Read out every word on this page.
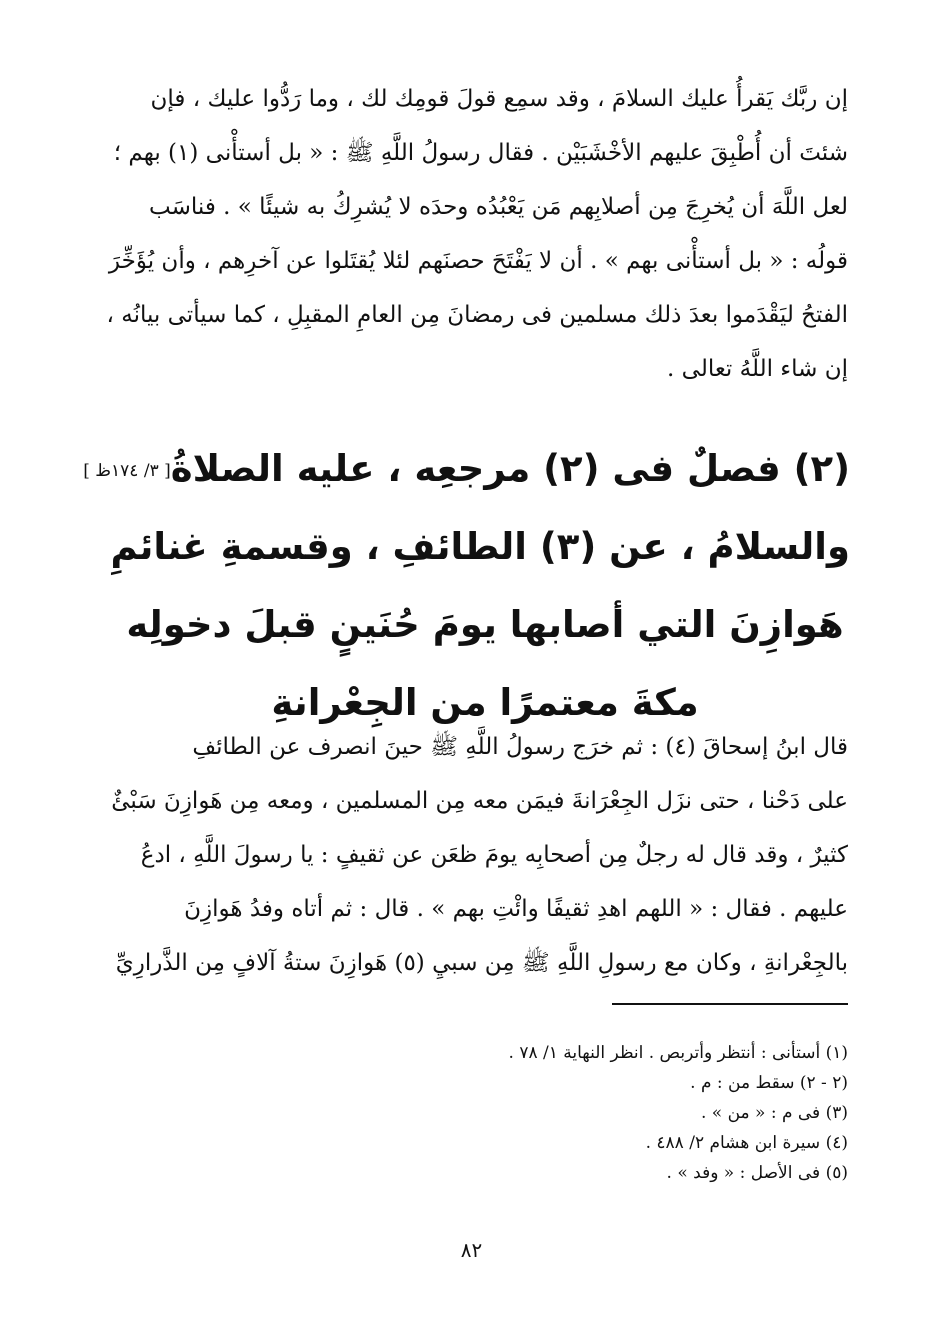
إن ربَّك يَقرأُ عليك السلامَ ، وقد سمِع قولَ قومِك لك ، وما رَدُّوا عليك ، فإن
شئتَ أن أُطْبِقَ عليهم الأخْشَبَيْن . فقال رسولُ اللَّهِ ﷺ : « بل أستأْنى (١) بهم ؛
لعل اللَّهَ أن يُخرِجَ مِن أصلابِهم مَن يَعْبُدُه وحدَه لا يُشرِكُ به شيئًا » . فناسَب
قولُه : « بل أستأْنى بهم » . أن لا يَفْتَحَ حصنَهم لئلا يُقتَلوا عن آخرِهم ، وأن يُؤَخِّرَ
الفتحُ ليَقْدَموا بعدَ ذلك مسلمين فى رمضانَ مِن العامِ المقبِلِ ، كما سيأتى بيانُه ،
إن شاء اللَّهُ تعالى .
(٢) فصلٌ فى (٢) مرجعِه ، عليه الصلاةُ[ ٣/ ١٧٤ظ ]
والسلامُ ، عن (٣) الطائفِ ، وقسمةِ غنائمِ
هَوازِنَ التي أصابها يومَ حُنَينٍ قبلَ دخولِه
مكةَ معتمرًا من الجِعْرانةِ
قال ابنُ إسحاقَ (٤) : ثم خرَج رسولُ اللَّهِ ﷺ حينَ انصرف عن الطائفِ
على دَحْنا ، حتى نزَل الجِعْرَانةَ فيمَن معه مِن المسلمين ، ومعه مِن هَوازِنَ سَبْئٌ
كثيرٌ ، وقد قال له رجلٌ مِن أصحابِه يومَ ظعَن عن ثقيفٍ : يا رسولَ اللَّهِ ، ادعُ
عليهم . فقال : « اللهم اهدِ ثقيفًا وائْتِ بهم » . قال : ثم أتاه وفدُ هَوازِنَ
بالجِعْرانةِ ، وكان مع رسولِ اللَّهِ ﷺ مِن سبيِ (٥) هَوازِنَ ستةُ آلافٍ مِن الذَّرارِيِّ
(١) أستأنى : أنتظر وأتربص . انظر النهاية ١/ ٧٨ .
(٢ - ٢) سقط من : م .
(٣) فى م : « من » .
(٤) سيرة ابن هشام ٢/ ٤٨٨ .
(٥) فى الأصل : « وفد » .
٨٢
